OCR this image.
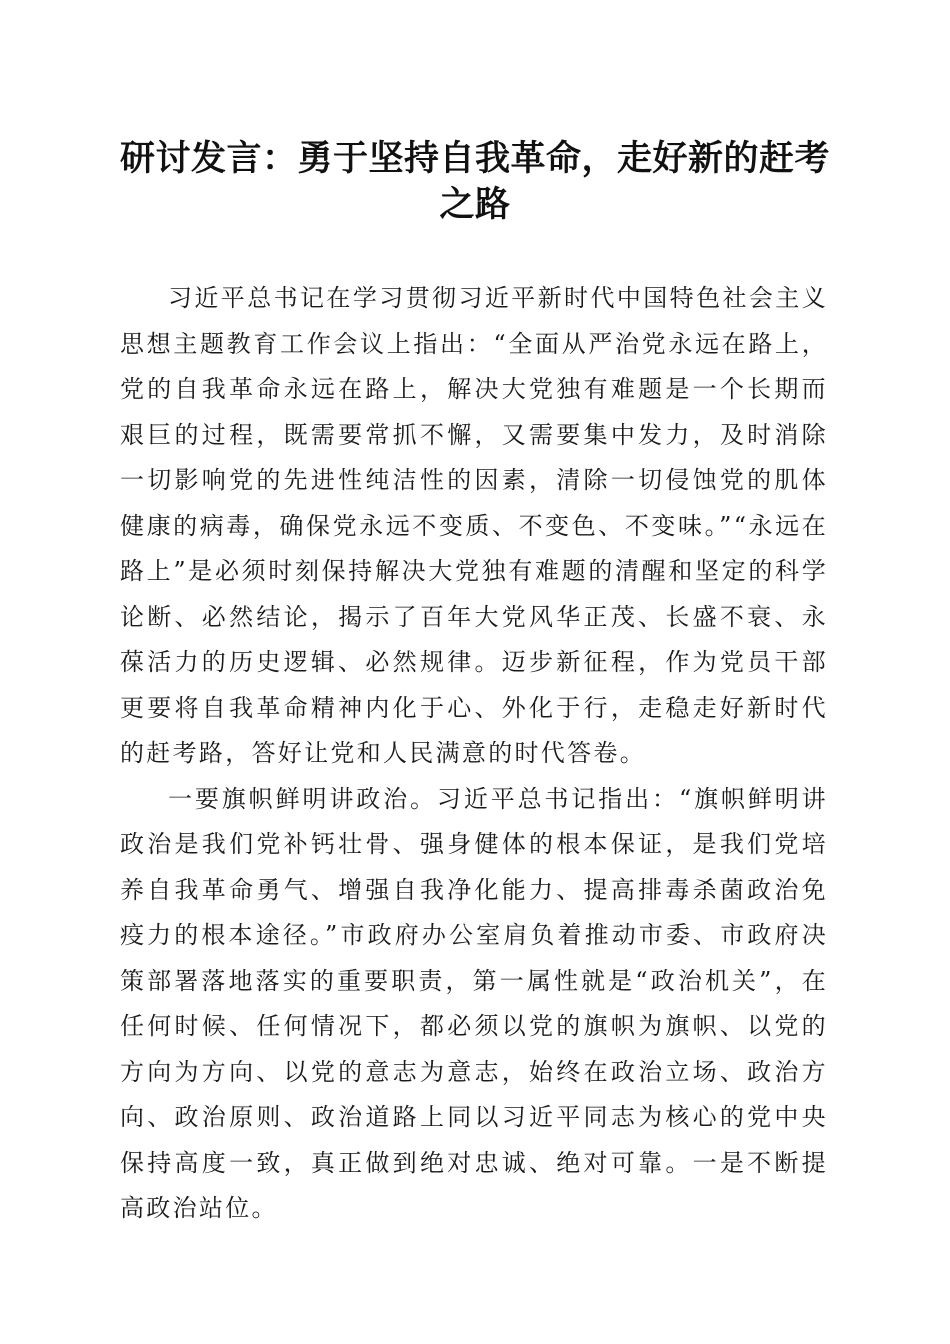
研讨发言：勇于坚持自我革命，走好新的赶考之路

习近平总书记在学习贯彻习近平新时代中国特色社会主义思想主题教育工作会议上指出：“全面从严治党永远在路上，党的自我革命永远在路上，解决大党独有难题是一个长期而艰巨的过程，既需要常抓不懈，又需要集中发力，及时消除一切影响党的先进性纯洁性的因素，清除一切侵蚀党的肌体健康的病毒，确保党永远不变质、不变色、不变味。”“永远在路上”是必须时刻保持解决大党独有难题的清醒和坚定的科学论断、必然结论，揭示了百年大党风华正茂、长盛不衰、永葆活力的历史逻辑、必然规律。迈步新征程，作为党员干部更要将自我革命精神内化于心、外化于行，走稳走好新时代的赶考路，答好让党和人民满意的时代答卷。

一要旗帜鲜明讲政治。习近平总书记指出：“旗帜鲜明讲政治是我们党补钙壮骨、强身健体的根本保证，是我们党培养自我革命勇气、增强自我净化能力、提高排毒杀菌政治免疫力的根本途径。”市政府办公室肩负着推动市委、市政府决策部署落地落实的重要职责，第一属性就是“政治机关”，在任何时候、任何情况下，都必须以党的旗帜为旗帜、以党的方向为方向、以党的意志为意志，始终在政治立场、政治方向、政治原则、政治道路上同以习近平同志为核心的党中央保持高度一致，真正做到绝对忠诚、绝对可靠。一是不断提高政治站位。
